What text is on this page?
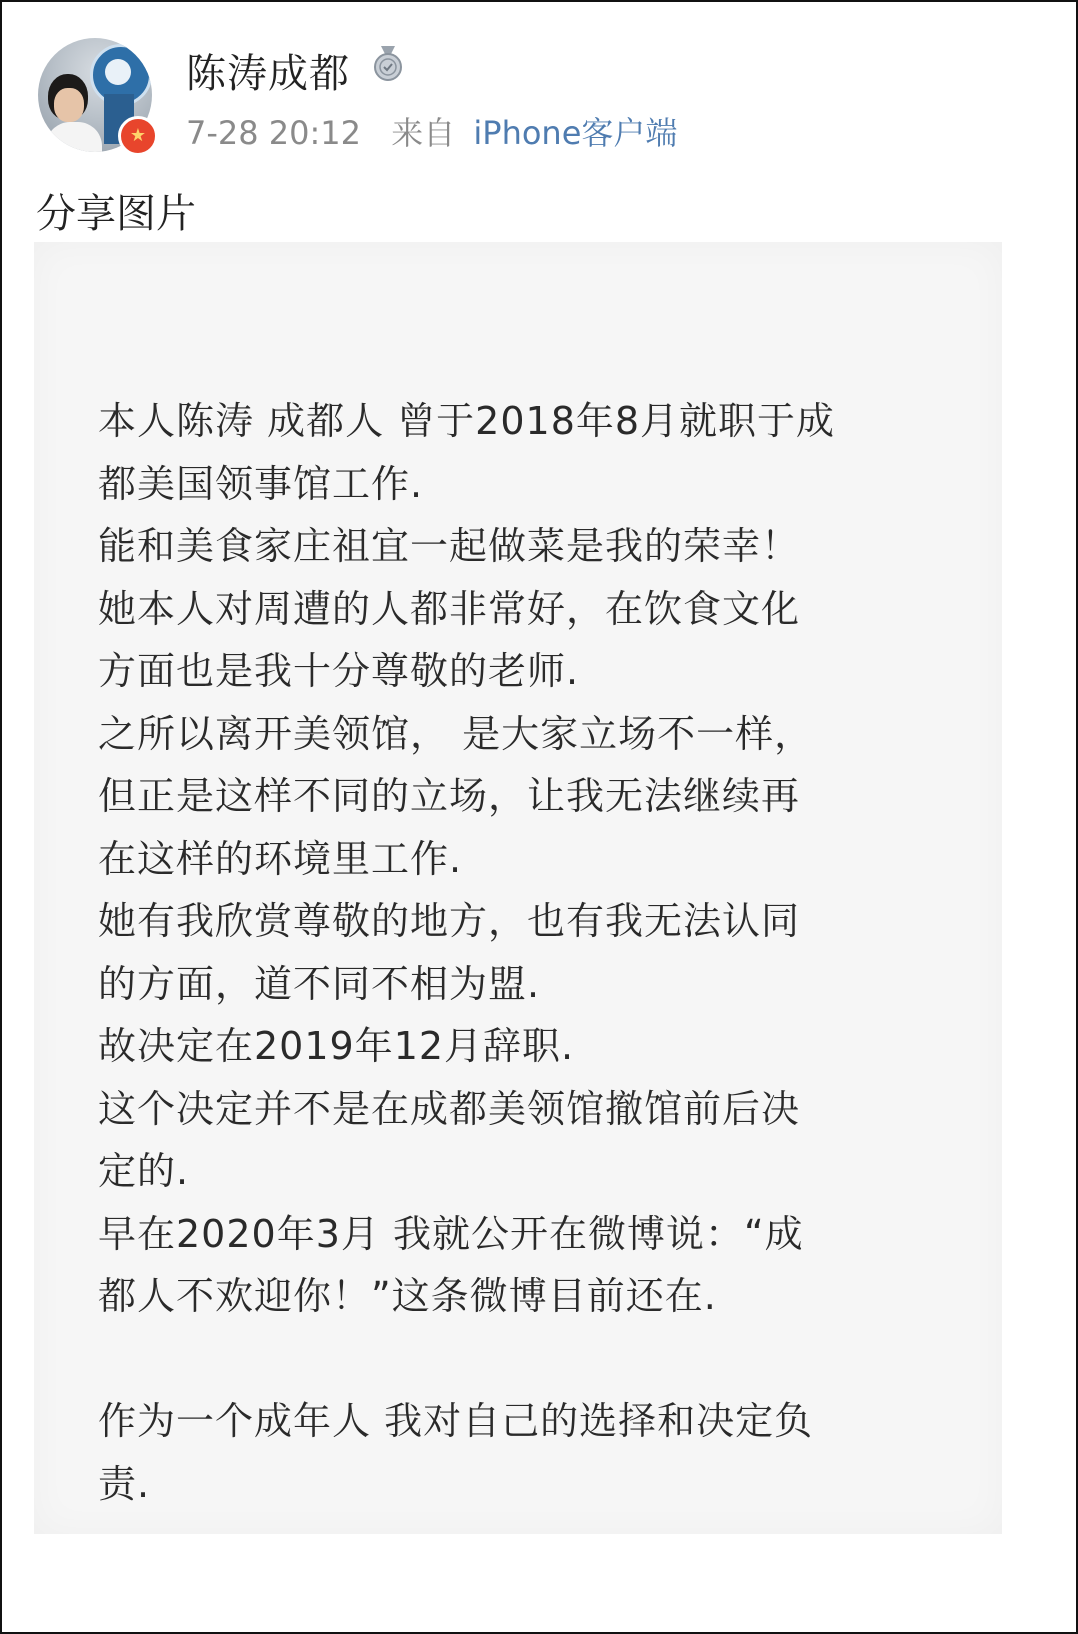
★
陈涛成都
7-28 20:12 来自 iPhone客户端
分享图片
本人陈涛 成都人 曾于2018年8月就职于成
都美国领事馆工作.
能和美食家庄祖宜一起做菜是我的荣幸！
她本人对周遭的人都非常好，在饮食文化
方面也是我十分尊敬的老师.
之所以离开美领馆， 是大家立场不一样，
但正是这样不同的立场，让我无法继续再
在这样的环境里工作.
她有我欣赏尊敬的地方，也有我无法认同
的方面，道不同不相为盟.
故决定在2019年12月辞职.
这个决定并不是在成都美领馆撤馆前后决
定的.
早在2020年3月 我就公开在微博说：“成
都人不欢迎你！”这条微博目前还在.
作为一个成年人 我对自己的选择和决定负
责.
